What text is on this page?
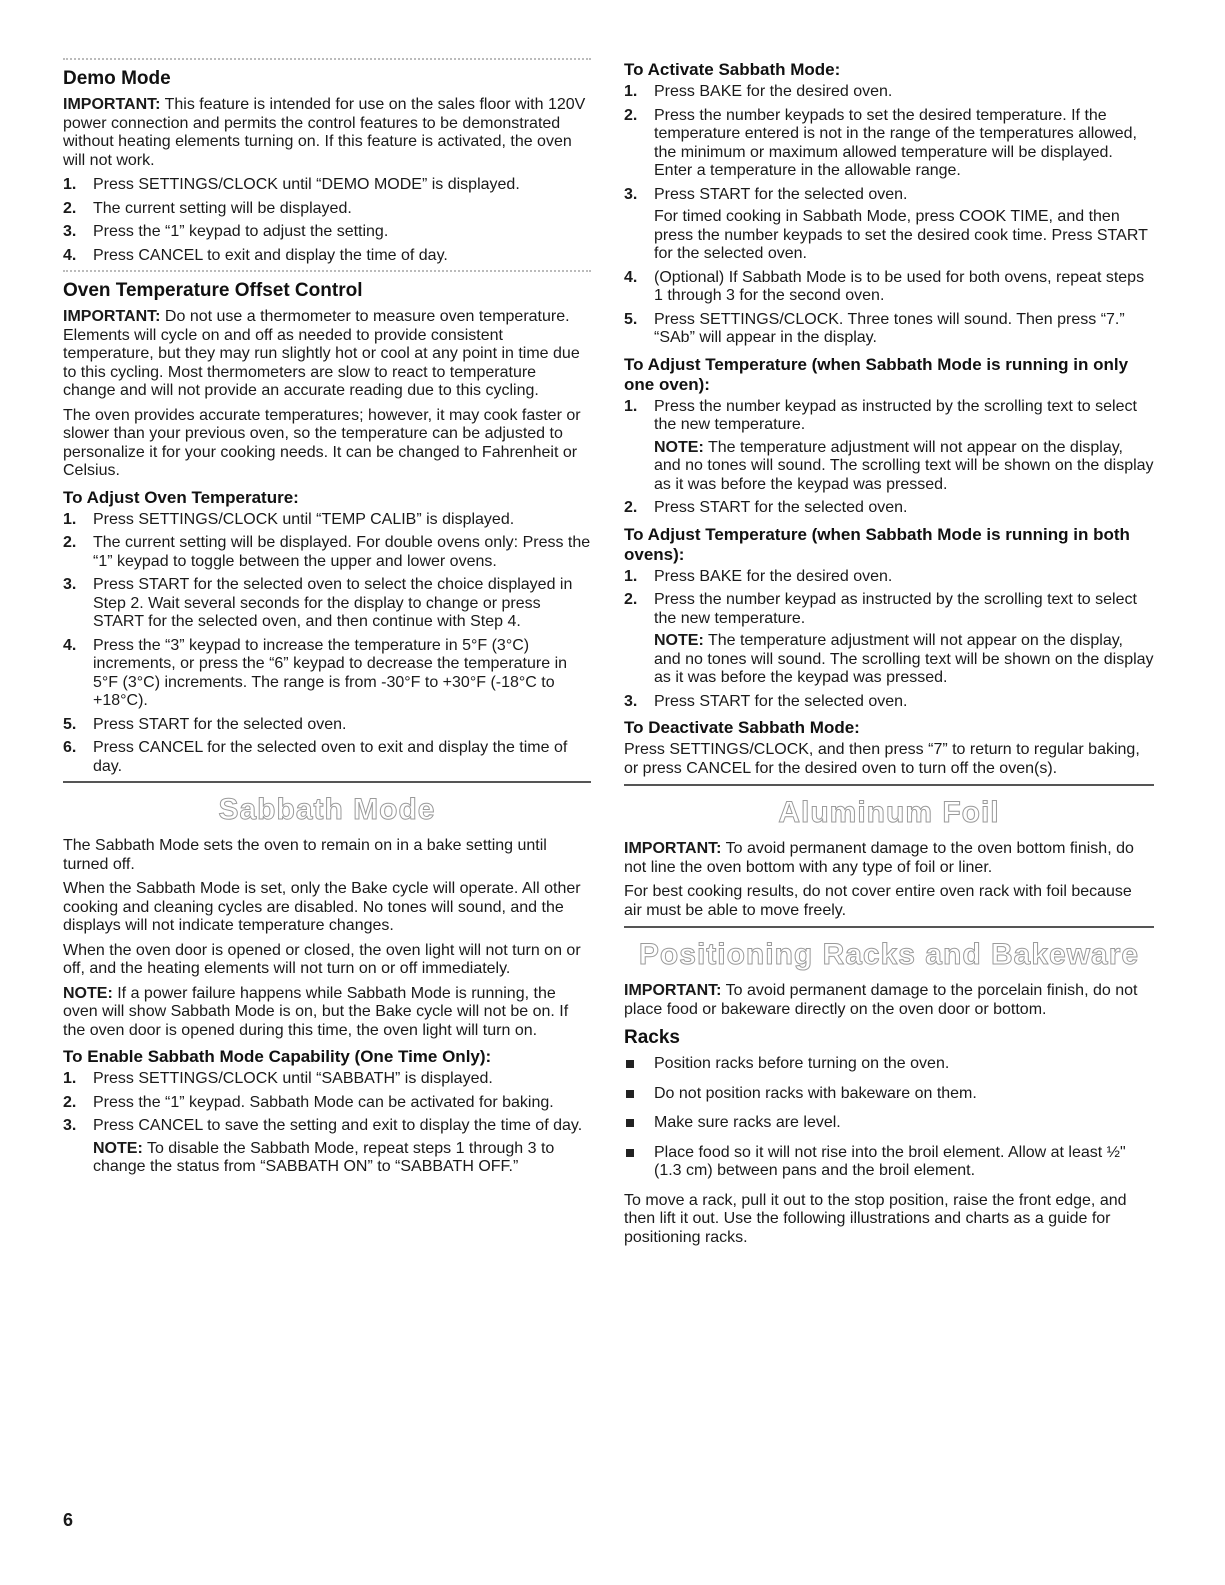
Demo Mode

IMPORTANT: This feature is intended for use on the sales floor with 120V power connection and permits the control features to be demonstrated without heating elements turning on. If this feature is activated, the oven will not work.

1. Press SETTINGS/CLOCK until “DEMO MODE” is displayed.
2. The current setting will be displayed.
3. Press the “1” keypad to adjust the setting.
4. Press CANCEL to exit and display the time of day.
Oven Temperature Offset Control

IMPORTANT: Do not use a thermometer to measure oven temperature. Elements will cycle on and off as needed to provide consistent temperature, but they may run slightly hot or cool at any point in time due to this cycling. Most thermometers are slow to react to temperature change and will not provide an accurate reading due to this cycling.

The oven provides accurate temperatures; however, it may cook faster or slower than your previous oven, so the temperature can be adjusted to personalize it for your cooking needs. It can be changed to Fahrenheit or Celsius.

To Adjust Oven Temperature:
1. Press SETTINGS/CLOCK until “TEMP CALIB” is displayed.
2. The current setting will be displayed. For double ovens only: Press the “1” keypad to toggle between the upper and lower ovens.
3. Press START for the selected oven to select the choice displayed in Step 2. Wait several seconds for the display to change or press START for the selected oven, and then continue with Step 4.
4. Press the “3” keypad to increase the temperature in 5°F (3°C) increments, or press the “6” keypad to decrease the temperature in 5°F (3°C) increments. The range is from -30°F to +30°F (-18°C to +18°C).
5. Press START for the selected oven.
6. Press CANCEL for the selected oven to exit and display the time of day.
Sabbath Mode

The Sabbath Mode sets the oven to remain on in a bake setting until turned off.

When the Sabbath Mode is set, only the Bake cycle will operate. All other cooking and cleaning cycles are disabled. No tones will sound, and the displays will not indicate temperature changes.

When the oven door is opened or closed, the oven light will not turn on or off, and the heating elements will not turn on or off immediately.

NOTE: If a power failure happens while Sabbath Mode is running, the oven will show Sabbath Mode is on, but the Bake cycle will not be on. If the oven door is opened during this time, the oven light will turn on.

To Enable Sabbath Mode Capability (One Time Only):
1. Press SETTINGS/CLOCK until “SABBATH” is displayed.
2. Press the “1” keypad. Sabbath Mode can be activated for baking.
3. Press CANCEL to save the setting and exit to display the time of day.
NOTE: To disable the Sabbath Mode, repeat steps 1 through 3 to change the status from “SABBATH ON” to “SABBATH OFF.”
To Activate Sabbath Mode:
1. Press BAKE for the desired oven.
2. Press the number keypads to set the desired temperature. If the temperature entered is not in the range of the temperatures allowed, the minimum or maximum allowed temperature will be displayed. Enter a temperature in the allowable range.
3. Press START for the selected oven.
For timed cooking in Sabbath Mode, press COOK TIME, and then press the number keypads to set the desired cook time. Press START for the selected oven.
4. (Optional) If Sabbath Mode is to be used for both ovens, repeat steps 1 through 3 for the second oven.
5. Press SETTINGS/CLOCK. Three tones will sound. Then press “7.” “SAb” will appear in the display.
To Adjust Temperature (when Sabbath Mode is running in only one oven):
1. Press the number keypad as instructed by the scrolling text to select the new temperature.
NOTE: The temperature adjustment will not appear on the display, and no tones will sound. The scrolling text will be shown on the display as it was before the keypad was pressed.
2. Press START for the selected oven.
To Adjust Temperature (when Sabbath Mode is running in both ovens):
1. Press BAKE for the desired oven.
2. Press the number keypad as instructed by the scrolling text to select the new temperature.
NOTE: The temperature adjustment will not appear on the display, and no tones will sound. The scrolling text will be shown on the display as it was before the keypad was pressed.
3. Press START for the selected oven.
To Deactivate Sabbath Mode:

Press SETTINGS/CLOCK, and then press “7” to return to regular baking, or press CANCEL for the desired oven to turn off the oven(s).

Aluminum Foil

IMPORTANT: To avoid permanent damage to the oven bottom finish, do not line the oven bottom with any type of foil or liner.

For best cooking results, do not cover entire oven rack with foil because air must be able to move freely.

Positioning Racks and Bakeware

IMPORTANT: To avoid permanent damage to the porcelain finish, do not place food or bakeware directly on the oven door or bottom.

Racks
Position racks before turning on the oven.
Do not position racks with bakeware on them.
Make sure racks are level.
Place food so it will not rise into the broil element. Allow at least ½" (1.3 cm) between pans and the broil element.

To move a rack, pull it out to the stop position, raise the front edge, and then lift it out. Use the following illustrations and charts as a guide for positioning racks.

6
